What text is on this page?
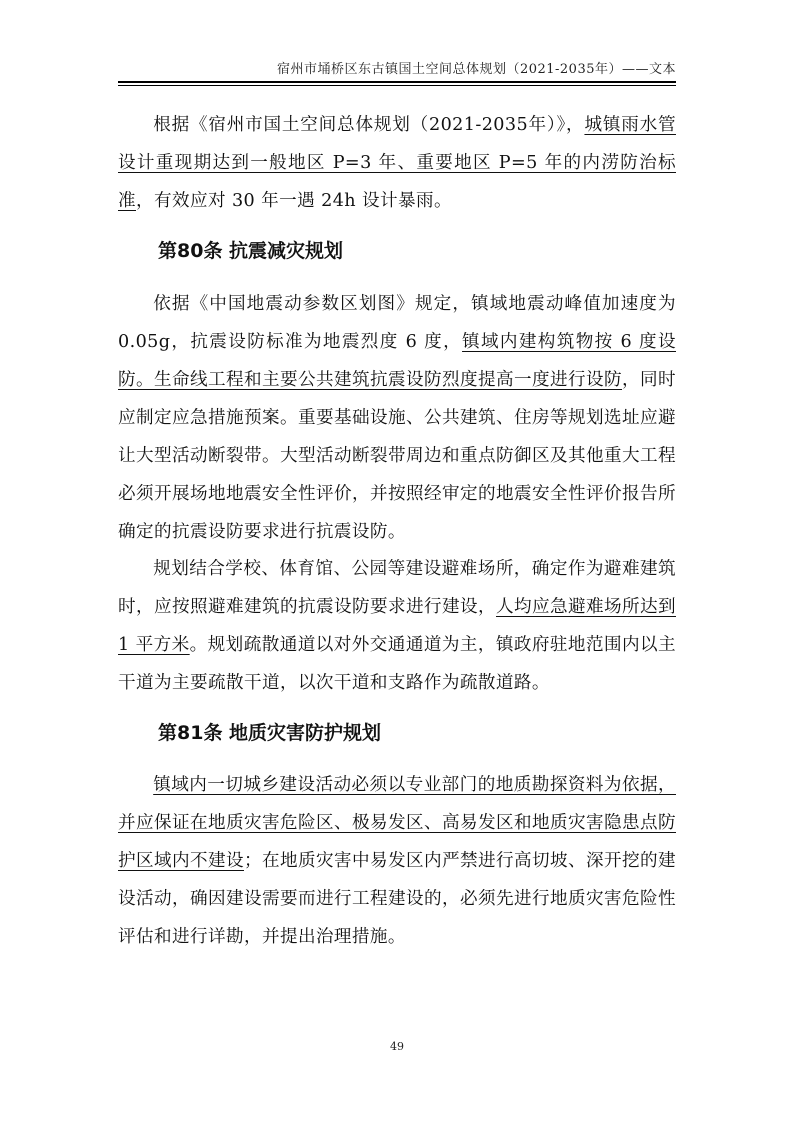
宿州市埇桥区东古镇国土空间总体规划（2021-2035年）——文本

根据《宿州市国土空间总体规划（2021-2035年）》，城镇雨水管设计重现期达到一般地区 P=3 年、重要地区 P=5 年的内涝防治标准，有效应对 30 年一遇 24h 设计暴雨。

第80条 抗震减灾规划

依据《中国地震动参数区划图》规定，镇域地震动峰值加速度为 0.05g，抗震设防标准为地震烈度 6 度，镇域内建构筑物按 6 度设防。生命线工程和主要公共建筑抗震设防烈度提高一度进行设防，同时应制定应急措施预案。重要基础设施、公共建筑、住房等规划选址应避让大型活动断裂带。大型活动断裂带周边和重点防御区及其他重大工程必须开展场地地震安全性评价，并按照经审定的地震安全性评价报告所确定的抗震设防要求进行抗震设防。

规划结合学校、体育馆、公园等建设避难场所，确定作为避难建筑时，应按照避难建筑的抗震设防要求进行建设，人均应急避难场所达到 1 平方米。规划疏散通道以对外交通通道为主，镇政府驻地范围内以主干道为主要疏散干道，以次干道和支路作为疏散道路。

第81条 地质灾害防护规划

镇域内一切城乡建设活动必须以专业部门的地质勘探资料为依据，并应保证在地质灾害危险区、极易发区、高易发区和地质灾害隐患点防护区域内不建设；在地质灾害中易发区内严禁进行高切坡、深开挖的建设活动，确因建设需要而进行工程建设的，必须先进行地质灾害危险性评估和进行详勘，并提出治理措施。

49
